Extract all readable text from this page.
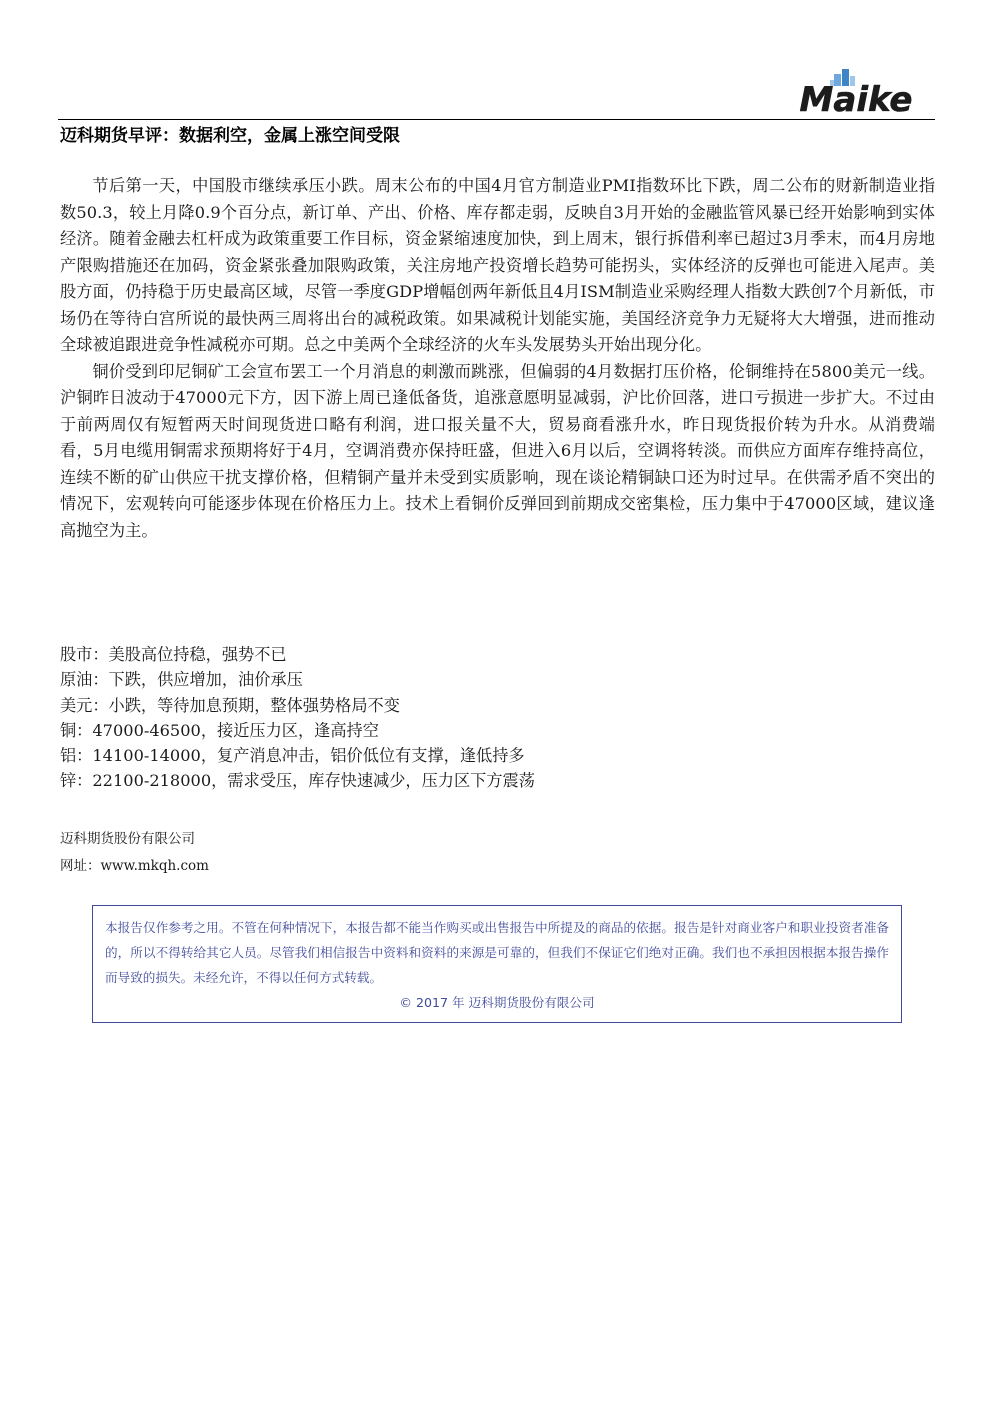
Maike
迈科期货早评：数据利空，金属上涨空间受限

节后第一天，中国股市继续承压小跌。周末公布的中国4月官方制造业PMI指数环比下跌，周二公布的财新制造业指数50.3，较上月降0.9个百分点，新订单、产出、价格、库存都走弱，反映自3月开始的金融监管风暴已经开始影响到实体经济。随着金融去杠杆成为政策重要工作目标，资金紧缩速度加快，到上周末，银行拆借利率已超过3月季末，而4月房地产限购措施还在加码，资金紧张叠加限购政策，关注房地产投资增长趋势可能拐头，实体经济的反弹也可能进入尾声。美股方面，仍持稳于历史最高区域，尽管一季度GDP增幅创两年新低且4月ISM制造业采购经理人指数大跌创7个月新低，市场仍在等待白宫所说的最快两三周将出台的减税政策。如果减税计划能实施，美国经济竞争力无疑将大大增强，进而推动全球被追跟进竞争性减税亦可期。总之中美两个全球经济的火车头发展势头开始出现分化。

铜价受到印尼铜矿工会宣布罢工一个月消息的刺激而跳涨，但偏弱的4月数据打压价格，伦铜维持在5800美元一线。沪铜昨日波动于47000元下方，因下游上周已逢低备货，追涨意愿明显减弱，沪比价回落，进口亏损进一步扩大。不过由于前两周仅有短暂两天时间现货进口略有利润，进口报关量不大，贸易商看涨升水，昨日现货报价转为升水。从消费端看，5月电缆用铜需求预期将好于4月，空调消费亦保持旺盛，但进入6月以后，空调将转淡。而供应方面库存维持高位，连续不断的矿山供应干扰支撑价格，但精铜产量并未受到实质影响，现在谈论精铜缺口还为时过早。在供需矛盾不突出的情况下，宏观转向可能逐步体现在价格压力上。技术上看铜价反弹回到前期成交密集检，压力集中于47000区域，建议逢高抛空为主。

股市：美股高位持稳，强势不已
原油：下跌，供应增加，油价承压
美元：小跌，等待加息预期，整体强势格局不变
铜：47000-46500，接近压力区，逢高持空
铝：14100-14000，复产消息冲击，铝价低位有支撑，逢低持多
锌：22100-218000，需求受压，库存快速减少，压力区下方震荡
迈科期货股份有限公司
网址：www.mkqh.com
本报告仅作参考之用。不管在何种情况下，本报告都不能当作购买或出售报告中所提及的商品的依据。报告是针对商业客户和职业投资者准备的，所以不得转给其它人员。尽管我们相信报告中资料和资料的来源是可靠的，但我们不保证它们绝对正确。我们也不承担因根据本报告操作而导致的损失。未经允许，不得以任何方式转载。
© 2017 年 迈科期货股份有限公司
